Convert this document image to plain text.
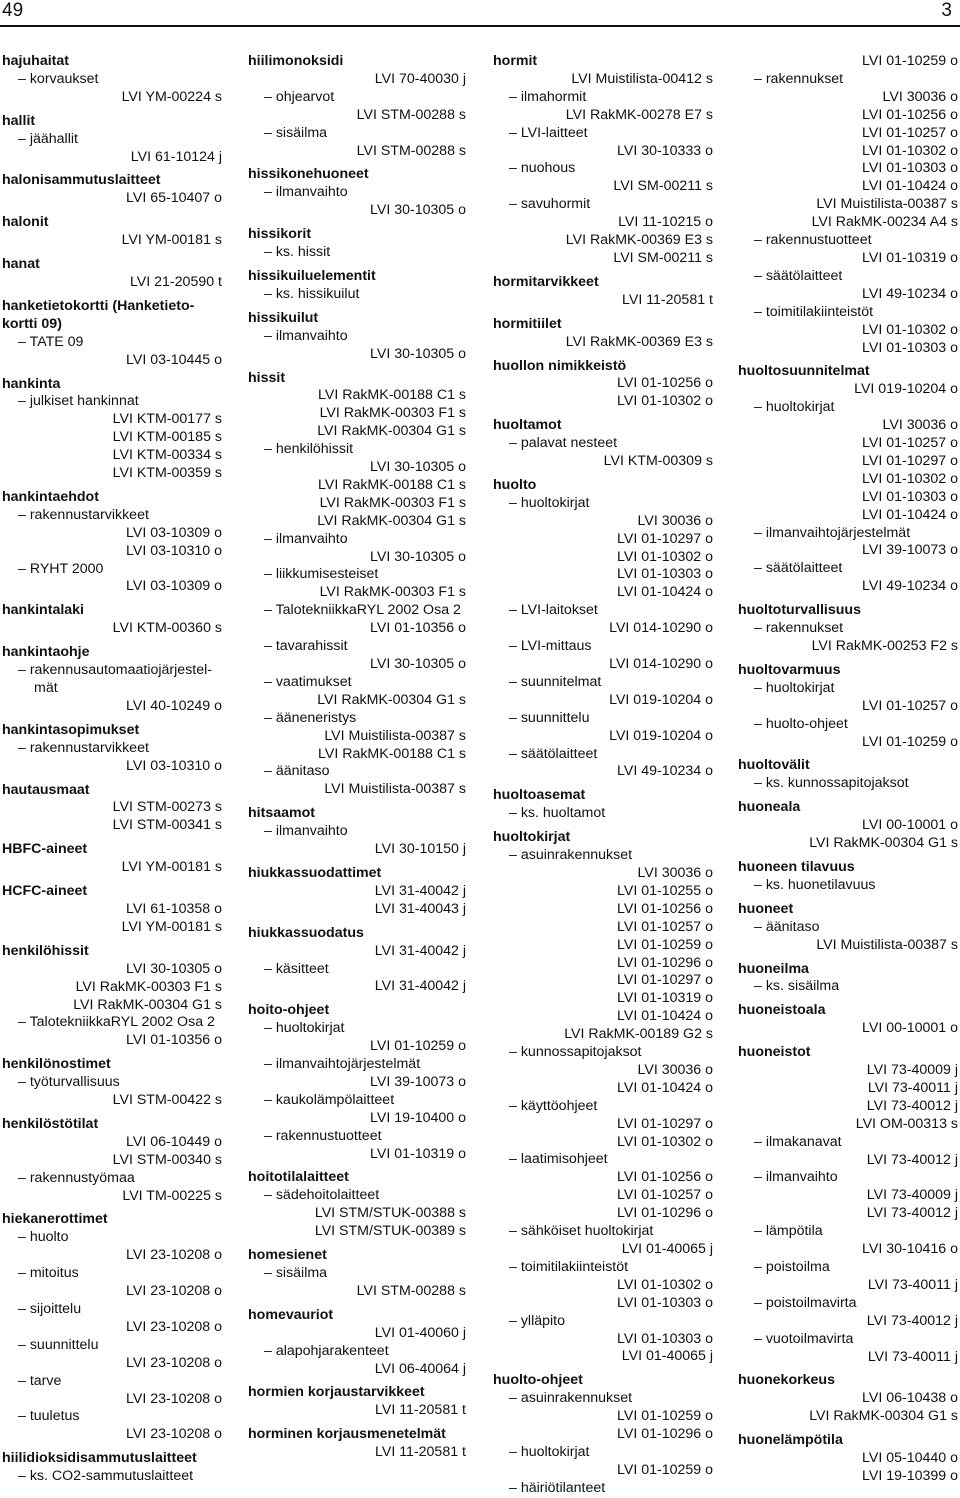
49	3
hajuhaitat
– korvaukset
LVI YM-00224 s
hallit
– jäähallit
LVI 61-10124 j
halonisammutuslaitteet
LVI 65-10407 o
halonit
LVI YM-00181 s
hanat
LVI 21-20590 t
hanketietokortti (Hanketieto-
kortti 09)
– TATE 09
LVI 03-10445 o
hankinta
– julkiset hankinnat
LVI KTM-00177 s
LVI KTM-00185 s
LVI KTM-00334 s
LVI KTM-00359 s
hankintaehdot
– rakennustarvikkeet
LVI 03-10309 o
LVI 03-10310 o
– RYHT 2000
LVI 03-10309 o
hankintalaki
LVI KTM-00360 s
hankintaohje
– rakennusautomaatiojärjestel-
mät
LVI 40-10249 o
hankintasopimukset
– rakennustarvikkeet
LVI 03-10310 o
hautausmaat
LVI STM-00273 s
LVI STM-00341 s
HBFC-aineet
LVI YM-00181 s
HCFC-aineet
LVI 61-10358 o
LVI YM-00181 s
henkilöhissit
LVI 30-10305 o
LVI RakMK-00303 F1 s
LVI RakMK-00304 G1 s
– TalotekniikkaRYL 2002 Osa 2
LVI 01-10356 o
henkilönostimet
– työturvallisuus
LVI STM-00422 s
henkilöstötilat
LVI 06-10449 o
LVI STM-00340 s
– rakennustyömaa
LVI TM-00225 s
hiekanerottimet
– huolto
LVI 23-10208 o
– mitoitus
LVI 23-10208 o
– sijoittelu
LVI 23-10208 o
– suunnittelu
LVI 23-10208 o
– tarve
LVI 23-10208 o
– tuuletus
LVI 23-10208 o
hiilidioksidisammutuslaitteet
– ks. CO2-sammutuslaitteet
hiilimonoksidi
LVI 70-40030 j
– ohjearvot
LVI STM-00288 s
– sisäilma
LVI STM-00288 s
hissikonehuoneet
– ilmanvaihto
LVI 30-10305 o
hissikorit
– ks. hissit
hissikuiluelementit
– ks. hissikuilut
hissikuilut
– ilmanvaihto
LVI 30-10305 o
hissit
LVI RakMK-00188 C1 s
LVI RakMK-00303 F1 s
LVI RakMK-00304 G1 s
– henkilöhissit
LVI 30-10305 o
LVI RakMK-00188 C1 s
LVI RakMK-00303 F1 s
LVI RakMK-00304 G1 s
– ilmanvaihto
LVI 30-10305 o
– liikkumisesteiset
LVI RakMK-00303 F1 s
– TalotekniikkaRYL 2002 Osa 2
LVI 01-10356 o
– tavarahissit
LVI 30-10305 o
– vaatimukset
LVI RakMK-00304 G1 s
– ääneneristys
LVI Muistilista-00387 s
LVI RakMK-00188 C1 s
– äänitaso
LVI Muistilista-00387 s
hitsaamot
– ilmanvaihto
LVI 30-10150 j
hiukkassuodattimet
LVI 31-40042 j
LVI 31-40043 j
hiukkassuodatus
LVI 31-40042 j
– käsitteet
LVI 31-40042 j
hoito-ohjeet
– huoltokirjat
LVI 01-10259 o
– ilmanvaihtojärjestelmät
LVI 39-10073 o
– kaukolämpölaitteet
LVI 19-10400 o
– rakennustuotteet
LVI 01-10319 o
hoitotilalaitteet
– sädehoitolaitteet
LVI STM/STUK-00388 s
LVI STM/STUK-00389 s
homesienet
– sisäilma
LVI STM-00288 s
homevauriot
LVI 01-40060 j
– alapohjarakenteet
LVI 06-40064 j
hormien korjaustarvikkeet
LVI 11-20581 t
horminen korjausmenetelmät
LVI 11-20581 t
hormit
LVI Muistilista-00412 s
– ilmahormit
LVI RakMK-00278 E7 s
– LVI-laitteet
LVI 30-10333 o
– nuohous
LVI SM-00211 s
– savuhormit
LVI 11-10215 o
LVI RakMK-00369 E3 s
LVI SM-00211 s
hormitarvikkeet
LVI 11-20581 t
hormitiilet
LVI RakMK-00369 E3 s
huollon nimikkeistö
LVI 01-10256 o
LVI 01-10302 o
huoltamot
– palavat nesteet
LVI KTM-00309 s
huolto
– huoltokirjat
LVI 30036 o
LVI 01-10297 o
LVI 01-10302 o
LVI 01-10303 o
LVI 01-10424 o
– LVI-laitokset
LVI 014-10290 o
– LVI-mittaus
LVI 014-10290 o
– suunnitelmat
LVI 019-10204 o
– suunnittelu
LVI 019-10204 o
– säätölaitteet
LVI 49-10234 o
huoltoasemat
– ks. huoltamot
huoltokirjat
– asuinrakennukset
LVI 30036 o
LVI 01-10255 o
LVI 01-10256 o
LVI 01-10257 o
LVI 01-10259 o
LVI 01-10296 o
LVI 01-10297 o
LVI 01-10319 o
LVI 01-10424 o
LVI RakMK-00189 G2 s
– kunnossapitojaksot
LVI 30036 o
LVI 01-10424 o
– käyttöohjeet
LVI 01-10297 o
LVI 01-10302 o
– laatimisohjeet
LVI 01-10256 o
LVI 01-10257 o
LVI 01-10296 o
– sähköiset huoltokirjat
LVI 01-40065 j
– toimitilakiinteistöt
LVI 01-10302 o
LVI 01-10303 o
– ylläpito
LVI 01-10303 o
LVI 01-40065 j
huolto-ohjeet
– asuinrakennukset
LVI 01-10259 o
LVI 01-10296 o
– huoltokirjat
LVI 01-10259 o
– häiriötilanteet
LVI 01-10259 o
– rakennukset
LVI 30036 o
LVI 01-10256 o
LVI 01-10257 o
LVI 01-10302 o
LVI 01-10303 o
LVI 01-10424 o
LVI Muistilista-00387 s
LVI RakMK-00234 A4 s
– rakennustuotteet
LVI 01-10319 o
– säätölaitteet
LVI 49-10234 o
– toimitilakiinteistöt
LVI 01-10302 o
LVI 01-10303 o
huoltosuunnitelmat
LVI 019-10204 o
– huoltokirjat
LVI 30036 o
LVI 01-10257 o
LVI 01-10297 o
LVI 01-10302 o
LVI 01-10303 o
LVI 01-10424 o
– ilmanvaihtojärjestelmät
LVI 39-10073 o
– säätölaitteet
LVI 49-10234 o
huoltoturvallisuus
– rakennukset
LVI RakMK-00253 F2 s
huoltovarmuus
– huoltokirjat
LVI 01-10257 o
– huolto-ohjeet
LVI 01-10259 o
huoltovälit
– ks. kunnossapitojaksot
huoneala
LVI 00-10001 o
LVI RakMK-00304 G1 s
huoneen tilavuus
– ks. huonetilavuus
huoneet
– äänitaso
LVI Muistilista-00387 s
huoneilma
– ks. sisäilma
huoneistoala
LVI 00-10001 o
huoneistot
LVI 73-40009 j
LVI 73-40011 j
LVI 73-40012 j
LVI OM-00313 s
– ilmakanavat
LVI 73-40012 j
– ilmanvaihto
LVI 73-40009 j
LVI 73-40012 j
– lämpötila
LVI 30-10416 o
– poistoilma
LVI 73-40011 j
– poistoilmavirta
LVI 73-40012 j
– vuotoilmavirta
LVI 73-40011 j
huonekorkeus
LVI 06-10438 o
LVI RakMK-00304 G1 s
huonelämpötila
LVI 05-10440 o
LVI 19-10399 o
